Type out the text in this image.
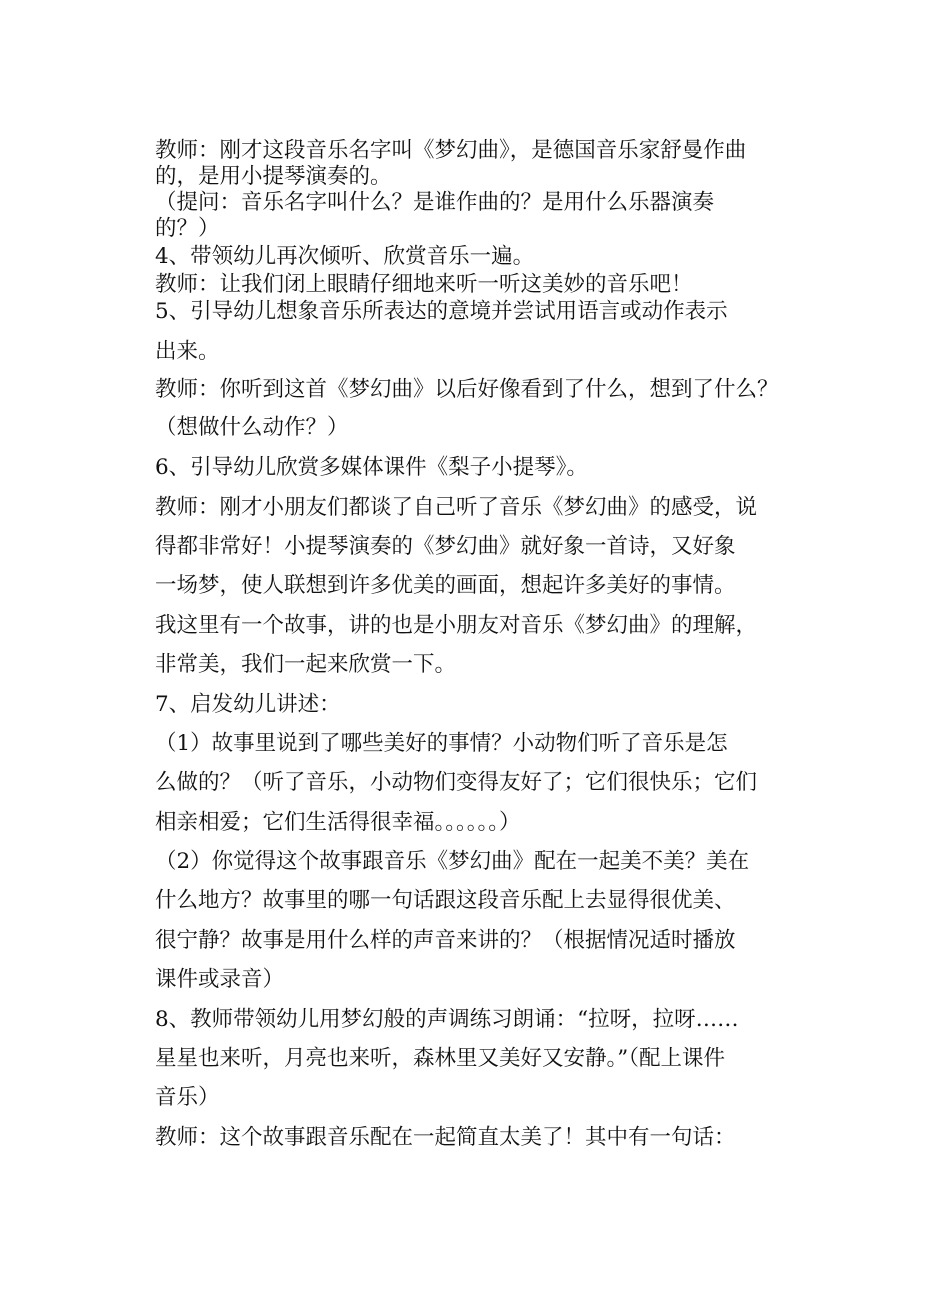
教师：刚才这段音乐名字叫《梦幻曲》，是德国音乐家舒曼作曲

的，是用小提琴演奏的。

（提问：音乐名字叫什么？是谁作曲的？是用什么乐器演奏

的？）

4、带领幼儿再次倾听、欣赏音乐一遍。

教师：让我们闭上眼睛仔细地来听一听这美妙的音乐吧！

5、引导幼儿想象音乐所表达的意境并尝试用语言或动作表示

出来。

教师：你听到这首《梦幻曲》以后好像看到了什么，想到了什么？

（想做什么动作？）

6、引导幼儿欣赏多媒体课件《梨子小提琴》。

教师：刚才小朋友们都谈了自己听了音乐《梦幻曲》的感受，说

得都非常好！小提琴演奏的《梦幻曲》就好象一首诗，又好象

一场梦，使人联想到许多优美的画面，想起许多美好的事情。

我这里有一个故事，讲的也是小朋友对音乐《梦幻曲》的理解，

非常美，我们一起来欣赏一下。

7、启发幼儿讲述：

（1）故事里说到了哪些美好的事情？小动物们听了音乐是怎

么做的？（听了音乐，小动物们变得友好了；它们很快乐；它们

相亲相爱；它们生活得很幸福。。。。。。）

（2）你觉得这个故事跟音乐《梦幻曲》配在一起美不美？美在

什么地方？故事里的哪一句话跟这段音乐配上去显得很优美、

很宁静？故事是用什么样的声音来讲的？（根据情况适时播放

课件或录音）

8、教师带领幼儿用梦幻般的声调练习朗诵：“拉呀，拉呀……

星星也来听，月亮也来听，森林里又美好又安静。”（配上课件

音乐）

教师：这个故事跟音乐配在一起简直太美了！其中有一句话：
